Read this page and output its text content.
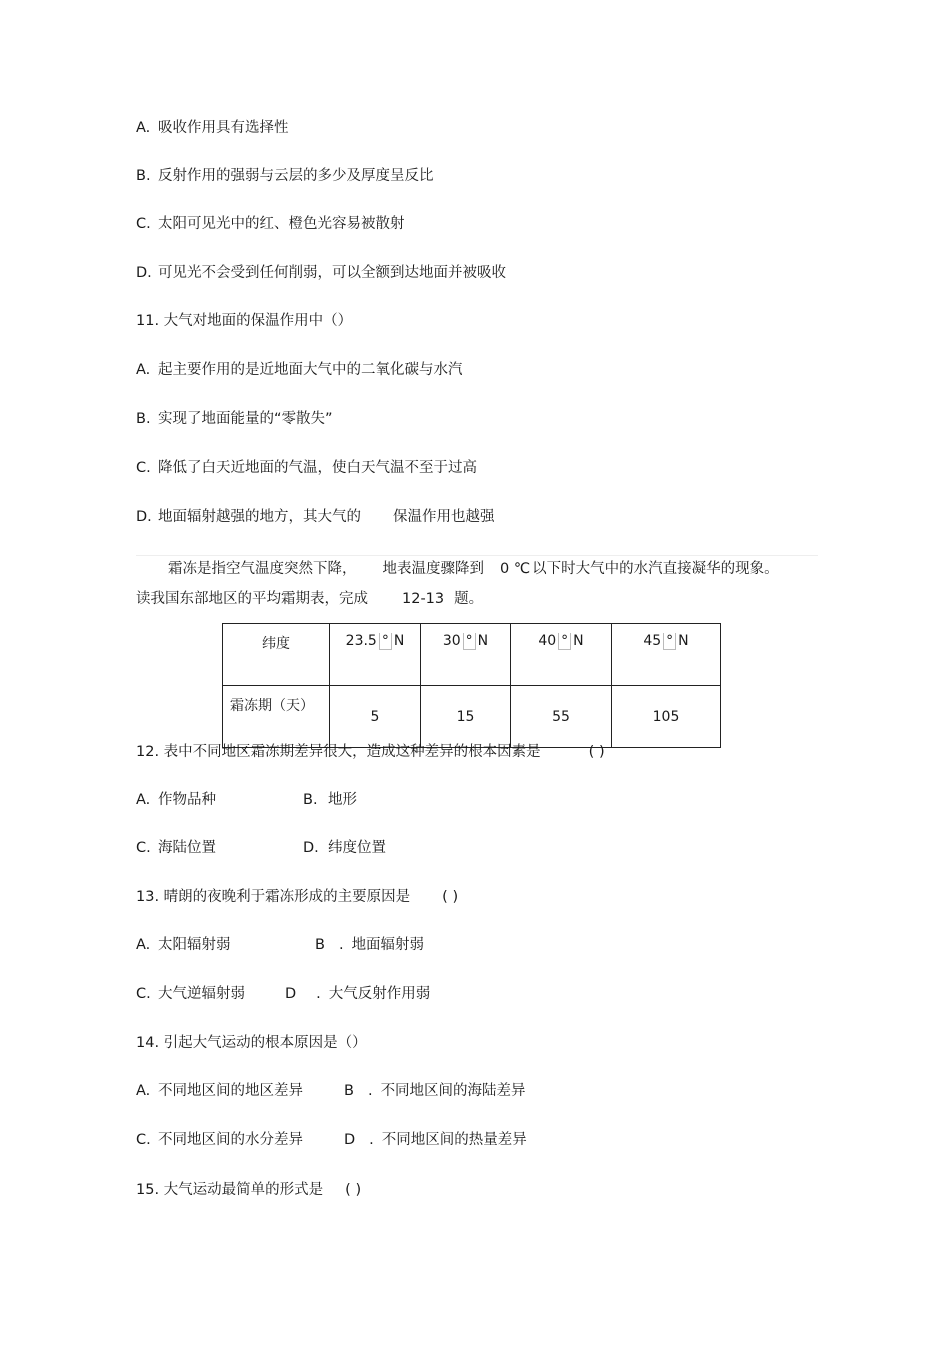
A. 吸收作用具有选择性
B. 反射作用的强弱与云层的多少及厚度呈反比
C. 太阳可见光中的红、橙色光容易被散射
D. 可见光不会受到任何削弱，可以全额到达地面并被吸收
11. 大气对地面的保温作用中（）
A. 起主要作用的是近地面大气中的二氧化碳与水汽
B. 实现了地面能量的“零散失”
C. 降低了白天近地面的气温，使白天气温不至于过高
D. 地面辐射越强的地方，其大气的 保温作用也越强
霜冻是指空气温度突然下降， 地表温度骤降到 0 ℃ 以下时大气中的水汽直接凝华的现象。
读我国东部地区的平均霜期表，完成 12-13 题。
纬度	23.5 ° N	30 ° N	40 ° N	45 ° N
霜冻期（天）	5	15	55	105
12. 表中不同地区霜冻期差异很大，造成这种差异的根本因素是	( )
A. 作物品种	B. 地形
C. 海陆位置	D. 纬度位置
13. 晴朗的夜晚利于霜冻形成的主要原因是 ( )
A. 太阳辐射弱	B . 地面辐射弱
C. 大气逆辐射弱	D . 大气反射作用弱
14. 引起大气运动的根本原因是（）
A. 不同地区间的地区差异	B . 不同地区间的海陆差异
C. 不同地区间的水分差异	D . 不同地区间的热量差异
15. 大气运动最简单的形式是 ( )
